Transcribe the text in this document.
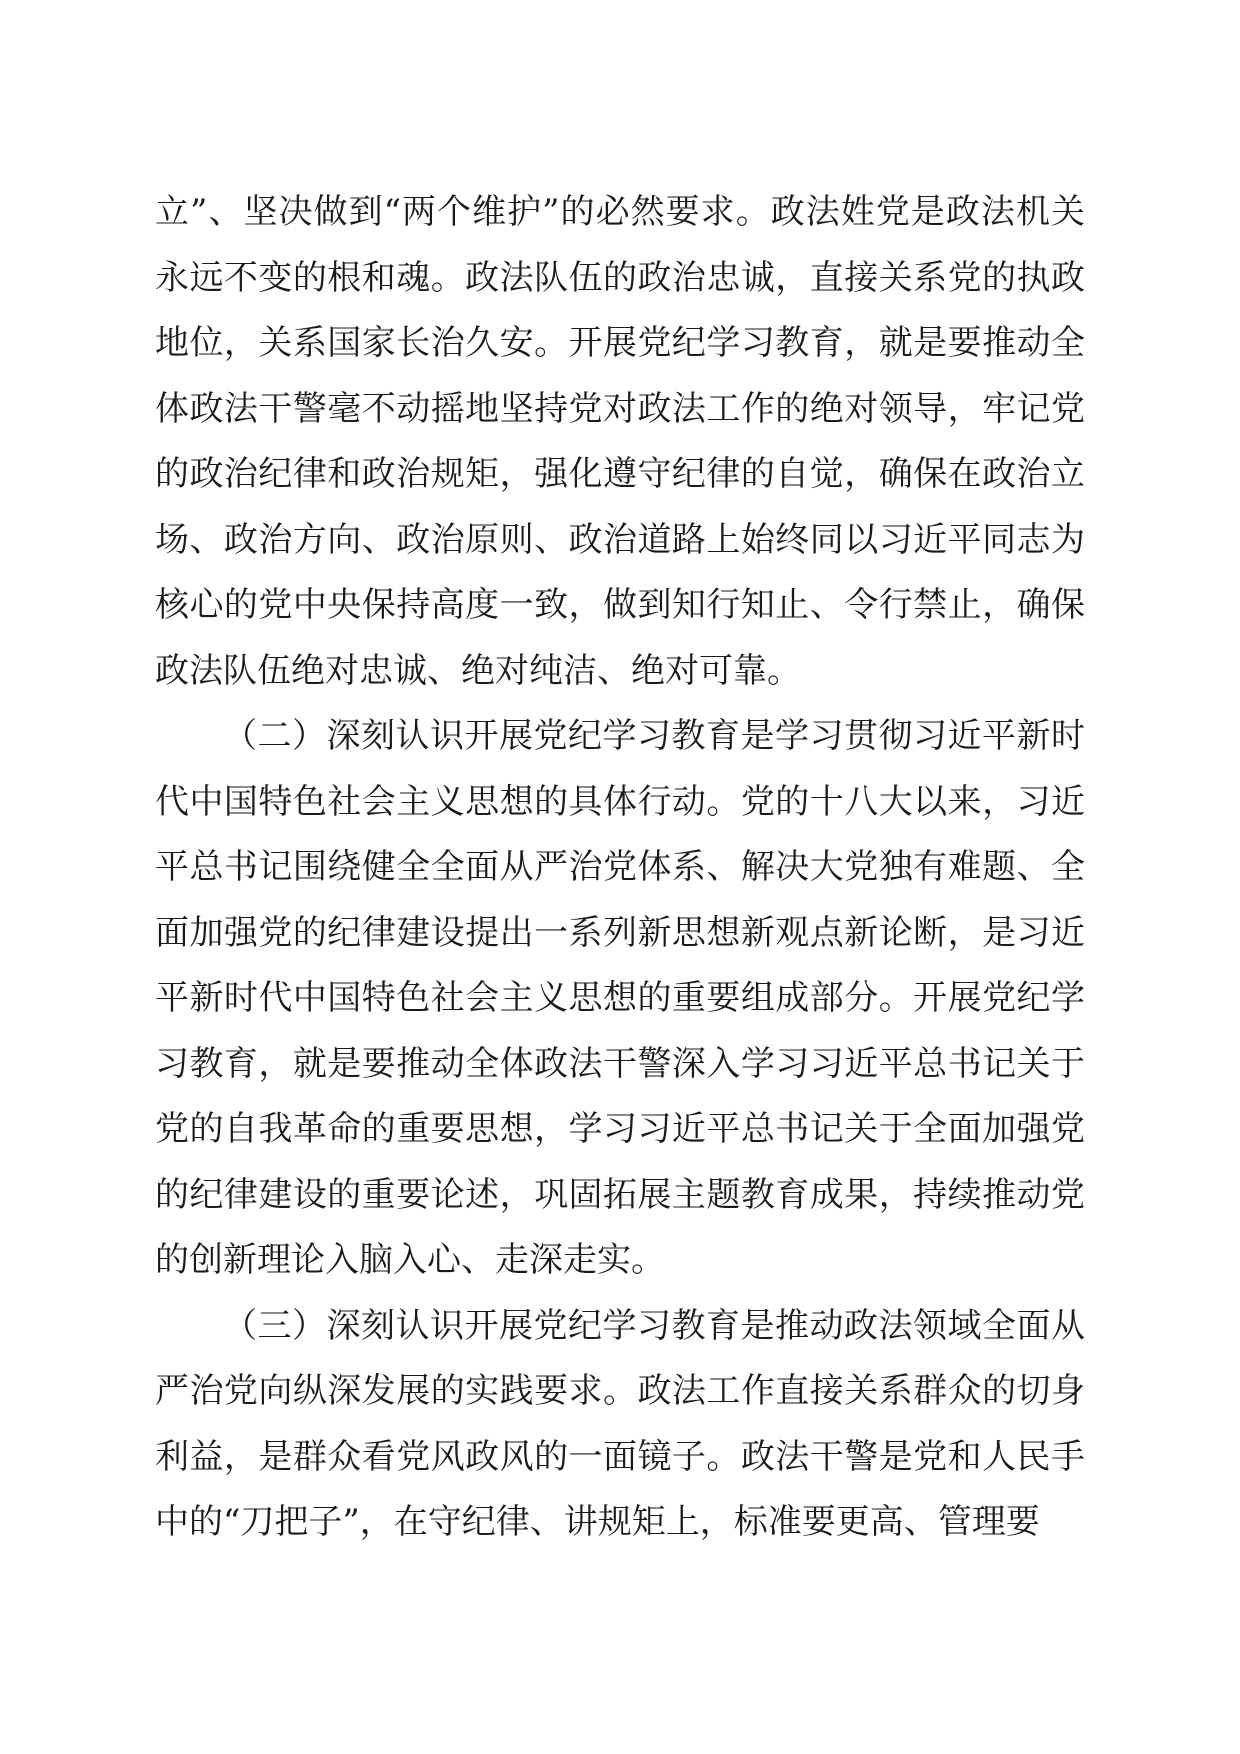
立”、坚决做到“两个维护”的必然要求。政法姓党是政法机关永远不变的根和魂。政法队伍的政治忠诚，直接关系党的执政地位，关系国家长治久安。开展党纪学习教育，就是要推动全体政法干警毫不动摇地坚持党对政法工作的绝对领导，牢记党的政治纪律和政治规矩，强化遵守纪律的自觉，确保在政治立场、政治方向、政治原则、政治道路上始终同以习近平同志为核心的党中央保持高度一致，做到知行知止、令行禁止，确保政法队伍绝对忠诚、绝对纯洁、绝对可靠。

（二）深刻认识开展党纪学习教育是学习贯彻习近平新时代中国特色社会主义思想的具体行动。党的十八大以来，习近平总书记围绕健全全面从严治党体系、解决大党独有难题、全面加强党的纪律建设提出一系列新思想新观点新论断，是习近平新时代中国特色社会主义思想的重要组成部分。开展党纪学习教育，就是要推动全体政法干警深入学习习近平总书记关于党的自我革命的重要思想，学习习近平总书记关于全面加强党的纪律建设的重要论述，巩固拓展主题教育成果，持续推动党的创新理论入脑入心、走深走实。

（三）深刻认识开展党纪学习教育是推动政法领域全面从严治党向纵深发展的实践要求。政法工作直接关系群众的切身利益，是群众看党风政风的一面镜子。政法干警是党和人民手中的“刀把子”，在守纪律、讲规矩上，标准要更高、管理要
